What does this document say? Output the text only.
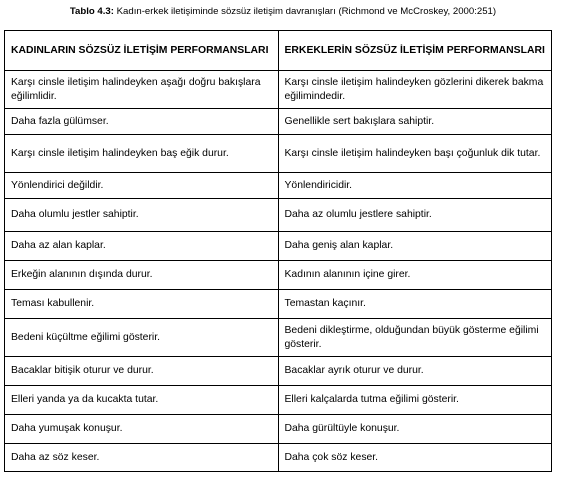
Tablo 4.3: Kadın-erkek iletişiminde sözsüz iletişim davranışları (Richmond ve McCroskey, 2000:251)
KADINLARIN SÖZSÜZ İLETİŞİM PERFORMANSLARI	ERKEKLERİN SÖZSÜZ İLETİŞİM PERFORMANSLARI
Karşı cinsle iletişim halindeyken aşağı doğru bakışlara eğilimlidir.	Karşı cinsle iletişim halindeyken gözlerini dikerek bakma eğilimindedir.
Daha fazla gülümser.	Genellikle sert bakışlara sahiptir.
Karşı cinsle iletişim halindeyken baş eğik durur.	Karşı cinsle iletişim halindeyken başı çoğunluk dik tutar.
Yönlendirici değildir.	Yönlendiricidir.
Daha olumlu jestler sahiptir.	Daha az olumlu jestlere sahiptir.
Daha az alan kaplar.	Daha geniş alan kaplar.
Erkeğin alanının dışında durur.	Kadının alanının içine girer.
Teması kabullenir.	Temastan kaçınır.
Bedeni küçültme eğilimi gösterir.	Bedeni dikleştirme, olduğundan büyük gösterme eğilimi gösterir.
Bacaklar bitişik oturur ve durur.	Bacaklar ayrık oturur ve durur.
Elleri yanda ya da kucakta tutar.	Elleri kalçalarda tutma eğilimi gösterir.
Daha yumuşak konuşur.	Daha gürültüyle konuşur.
Daha az söz keser.	Daha çok söz keser.
